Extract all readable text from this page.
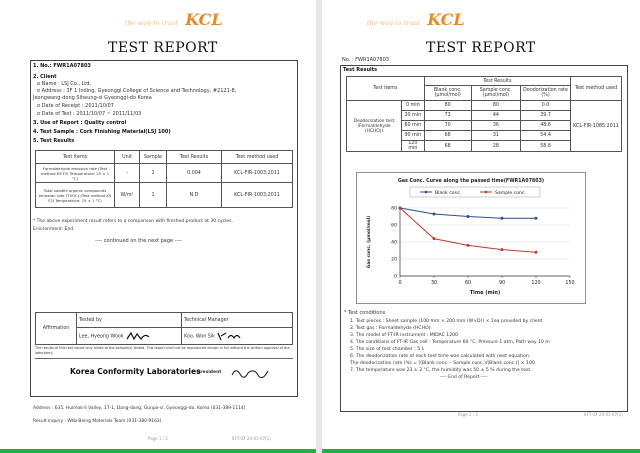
the way to trust KCL
TEST REPORT
1. No.: FWR1A07803
2. Client
o Name : LSJ Co., Ltd.
o Address : 3F 1 Inding, Gyeonggi College of Science and Technology, #2121-8,
Jeongwang-dong Siheung-si Gyeonggi-do Korea
o Date of Receipt : 2011/10/07
o Date of Test : 2011/10/07 ~ 2011/11/03
3. Use of Report : Quality control
4. Test Sample : Cork Finishing Material(LSJ 100)
5. Test Results
Test items	Unit	Sample	Test Results	Test method used
Formaldehyde emission rate (Test method KS F2I Temperature: 25 ± 1 °C)	-	1	0.004	KCL-FIR-1003:2011
Total volatile organic compounds emission rate (TVOC) (Test method KS F2I Temperature: 25 ± 1 °C)	W/m²	1	N.D	KCL-FIR-1003:2011
* The above experiment result refers to a comparison with finished product at 30 cycles.
Environment: End.
---- continued on the next page ----
Affirmation	Tested by	Technical Manager
	Lee, Hyeong Wook	Koo, Won Sik
The results of this test report only relate to the sample(s) tested. This report shall not be reproduced except in full without the written approval of the laboratory.
Korea Conformity Laboratories
President
Address : 635, Huimok-li Valley, 17-1, Dang-dong, Gunpo-si, Gyeonggi-do, Korea (031-389-1114)
Result inquiry : Web-Being Materials Team (031-380-9163)
Page 1 / 2	KFT-07-20-01-07(1)
the way to trust KCL
TEST REPORT
No. : FWR1A07803
Test Results
Test items		Test Results			Test method used
		Blank conc. (μmol/mol)	Sample conc. (μmol/mol)	Deodorization rate (%)	
Deodorization test (Formaldehyde (HCHO))	0 min	80	80	0.0	KCL-FIR-1085:2011
	30 min	73	44	39.7	
	60 min	70	36	48.6	
	90 min	68	31	54.4	
	120 min	68	28	58.8	
Gas Conc. Curve along the passed time(FWR1A07803)
Blank conc.	Sample conc.
0
20
40
60
80
0	30	60	90	120	150
Time (min)
Gas conc. (μmol/mol)
* Test conditions
1. Test pieces : Sheet sample (100 mm × 200 mm (W×D)) × 1ea provided by client
2. Test gas : Formaldehyde (HCHO)
3. The model of FT-IR instrument : MIDAC 1200
4. The conditions of FT-IR Gas cell : Temperature 60 °C, Pressure 1 atm, Path way 10 m
5. The size of test chamber : 5 L
6. The deodorization rate of each test time was calculated with next equation.
The deodorization rate (%) = [(Blank conc. - Sample conc.)/(Blank conc.)] × 100
7. The temperature was 23 ± 2 °C, the humidity was 50 ± 5 % during the test.
---- End of Report ----
Page 2 / 2	KFT-07-20-01-07(1)
